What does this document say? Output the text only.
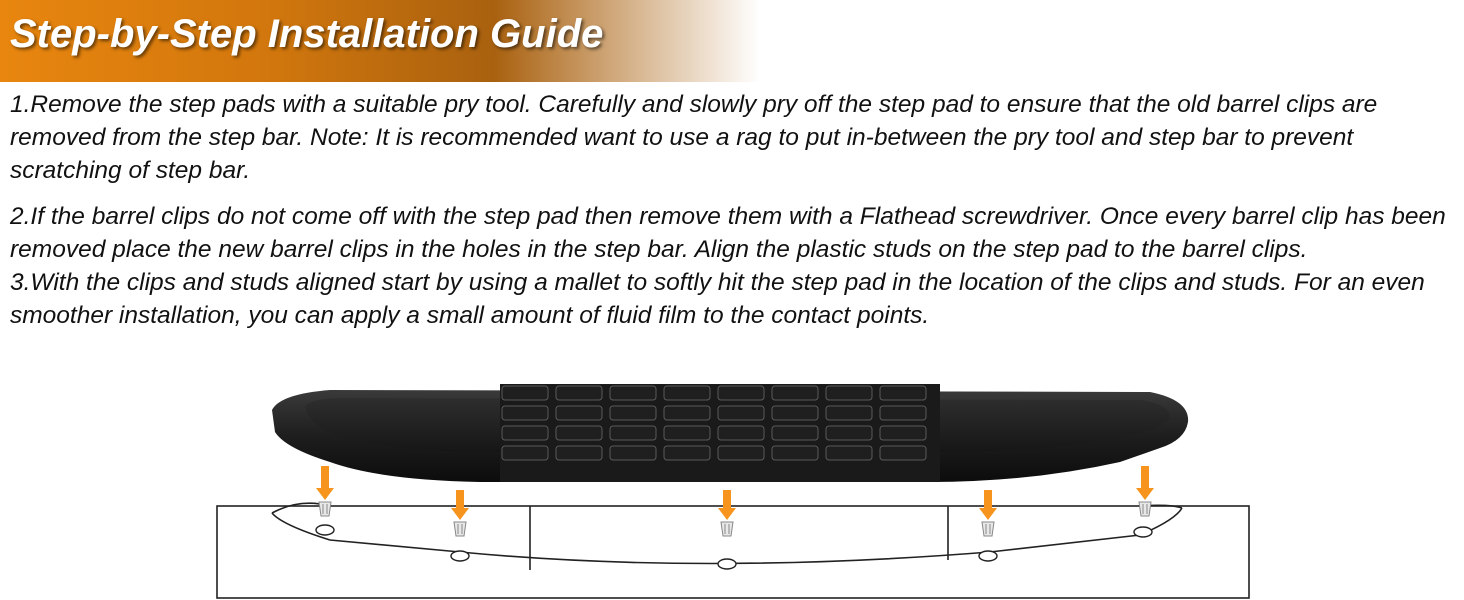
Step-by-Step Installation Guide

1.Remove the step pads with a suitable pry tool. Carefully and slowly pry off the step pad to ensure that the old barrel clips are removed from the step bar. Note: It is recommended want to use a rag to put in-between the pry tool and step bar to prevent scratching of step bar.

2.If the barrel clips do not come off with the step pad then remove them with a Flathead screwdriver. Once every barrel clip has been removed place the new barrel clips in the holes in the step bar. Align the plastic studs on the step pad to the barrel clips.

3.With the clips and studs aligned start by using a mallet to softly hit the step pad in the location of the clips and studs. For an even smoother installation, you can apply a small amount of fluid film to the contact points.
